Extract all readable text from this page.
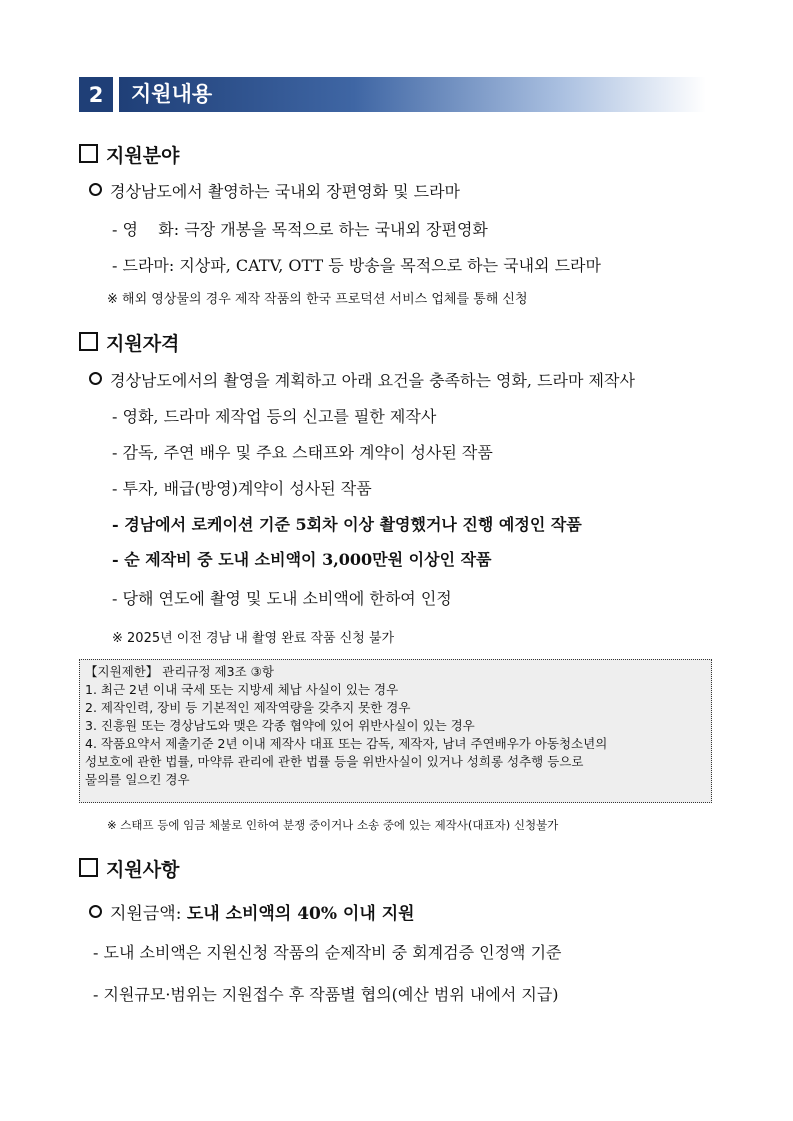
2	지원내용
지원분야
경상남도에서 촬영하는 국내외 장편영화 및 드라마
- 영    화: 극장 개봉을 목적으로 하는 국내외 장편영화
- 드라마: 지상파, CATV, OTT 등 방송을 목적으로 하는 국내외 드라마
※ 해외 영상물의 경우 제작 작품의 한국 프로덕션 서비스 업체를 통해 신청
지원자격
경상남도에서의 촬영을 계획하고 아래 요건을 충족하는 영화, 드라마 제작사
- 영화, 드라마 제작업 등의 신고를 필한 제작사
- 감독, 주연 배우 및 주요 스태프와 계약이 성사된 작품
- 투자, 배급(방영)계약이 성사된 작품
- 경남에서 로케이션 기준 5회차 이상 촬영했거나 진행 예정인 작품
- 순 제작비 중 도내 소비액이 3,000만원 이상인 작품
- 당해 연도에 촬영 및 도내 소비액에 한하여 인정
※ 2025년 이전 경남 내 촬영 완료 작품 신청 불가
【지원제한】 관리규정 제3조 ③항
1. 최근 2년 이내 국세 또는 지방세 체납 사실이 있는 경우
2. 제작인력, 장비 등 기본적인 제작역량을 갖추지 못한 경우
3. 진흥원 또는 경상남도와 맺은 각종 협약에 있어 위반사실이 있는 경우
4. 작품요약서 제출기준 2년 이내 제작사 대표 또는 감독, 제작자, 남녀 주연배우가 아동청소년의
성보호에 관한 법률, 마약류 관리에 관한 법률 등을 위반사실이 있거나 성희롱 성추행 등으로
물의를 일으킨 경우
※ 스태프 등에 임금 체불로 인하여 분쟁 중이거나 소송 중에 있는 제작사(대표자) 신청불가
지원사항
지원금액: 도내 소비액의 40% 이내 지원
- 도내 소비액은 지원신청 작품의 순제작비 중 회계검증 인정액 기준
- 지원규모·범위는 지원접수 후 작품별 협의(예산 범위 내에서 지급)
